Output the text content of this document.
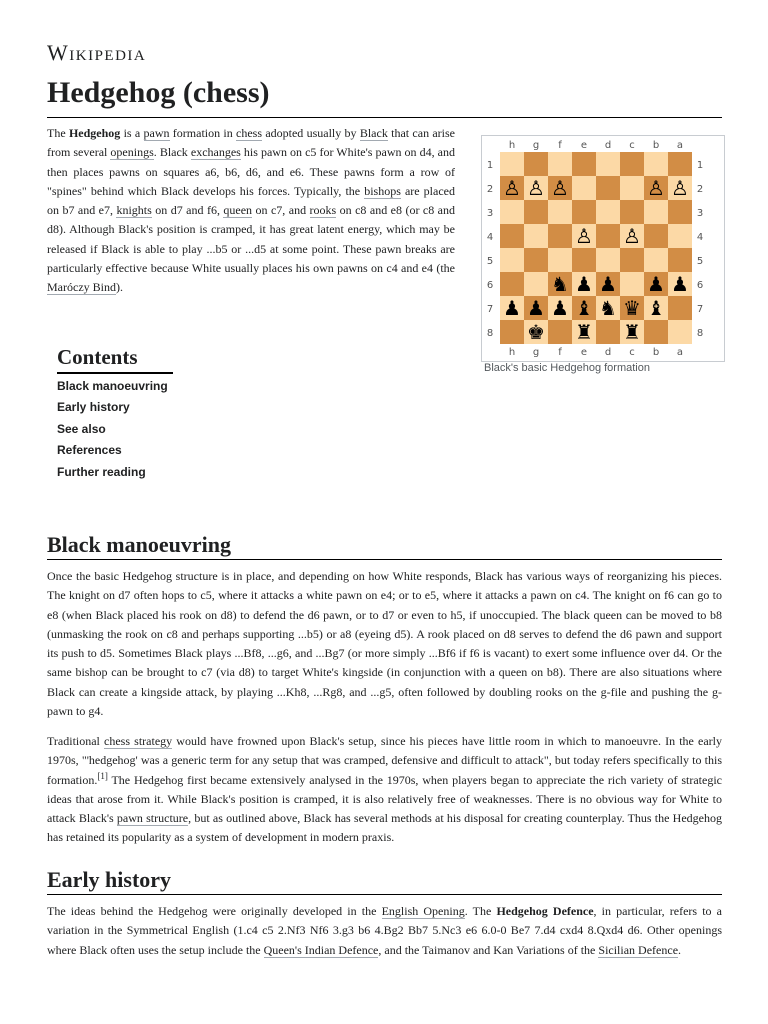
Wikipedia
Hedgehog (chess)

The Hedgehog is a pawn formation in chess adopted usually by Black that can arise from several openings. Black exchanges his pawn on c5 for White's pawn on d4, and then places pawns on squares a6, b6, d6, and e6. These pawns form a row of "spines" behind which Black develops his forces. Typically, the bishops are placed on b7 and e7, knights on d7 and f6, queen on c7, and rooks on c8 and e8 (or c8 and d8). Although Black's position is cramped, it has great latent energy, which may be released if Black is able to play ...b5 or ...d5 at some point. These pawn breaks are particularly effective because White usually places his own pawns on c4 and e4 (the Maróczy Bind).

h
h
g
g
f
f
e
e
d
d
c
c
b
b
a
a
1	1
2	2
3	3
4	4
5	5
6	6
7	7
8	8
♙ ♙ ♙	♙ ♙
♙ ♙
♞ ♟ ♟ ♟ ♟
♟ ♟ ♟ ♝ ♞ ♛ ♝
♚ ♜ ♜
Black's basic Hedgehog formation
Contents
Black manoeuvring
Early history
See also
References
Further reading
Black manoeuvring

Once the basic Hedgehog structure is in place, and depending on how White responds, Black has various ways of reorganizing his pieces. The knight on d7 often hops to c5, where it attacks a white pawn on e4; or to e5, where it attacks a pawn on c4. The knight on f6 can go to e8 (when Black placed his rook on d8) to defend the d6 pawn, or to d7 or even to h5, if unoccupied. The black queen can be moved to b8 (unmasking the rook on c8 and perhaps supporting ...b5) or a8 (eyeing d5). A rook placed on d8 serves to defend the d6 pawn and support its push to d5. Sometimes Black plays ...Bf8, ...g6, and ...Bg7 (or more simply ...Bf6 if f6 is vacant) to exert some influence over d4. Or the same bishop can be brought to c7 (via d8) to target White's kingside (in conjunction with a queen on b8). There are also situations where Black can create a kingside attack, by playing ...Kh8, ...Rg8, and ...g5, often followed by doubling rooks on the g-file and pushing the g-pawn to g4.

Traditional chess strategy would have frowned upon Black's setup, since his pieces have little room in which to manoeuvre. In the early 1970s, "'hedgehog' was a generic term for any setup that was cramped, defensive and difficult to attack", but today refers specifically to this formation.[1] The Hedgehog first became extensively analysed in the 1970s, when players began to appreciate the rich variety of strategic ideas that arose from it. While Black's position is cramped, it is also relatively free of weaknesses. There is no obvious way for White to attack Black's pawn structure, but as outlined above, Black has several methods at his disposal for creating counterplay. Thus the Hedgehog has retained its popularity as a system of development in modern praxis.

Early history

The ideas behind the Hedgehog were originally developed in the English Opening. The Hedgehog Defence, in particular, refers to a variation in the Symmetrical English (1.c4 c5 2.Nf3 Nf6 3.g3 b6 4.Bg2 Bb7 5.Nc3 e6 6.0-0 Be7 7.d4 cxd4 8.Qxd4 d6. Other openings where Black often uses the setup include the Queen's Indian Defence, and the Taimanov and Kan Variations of the Sicilian Defence.
